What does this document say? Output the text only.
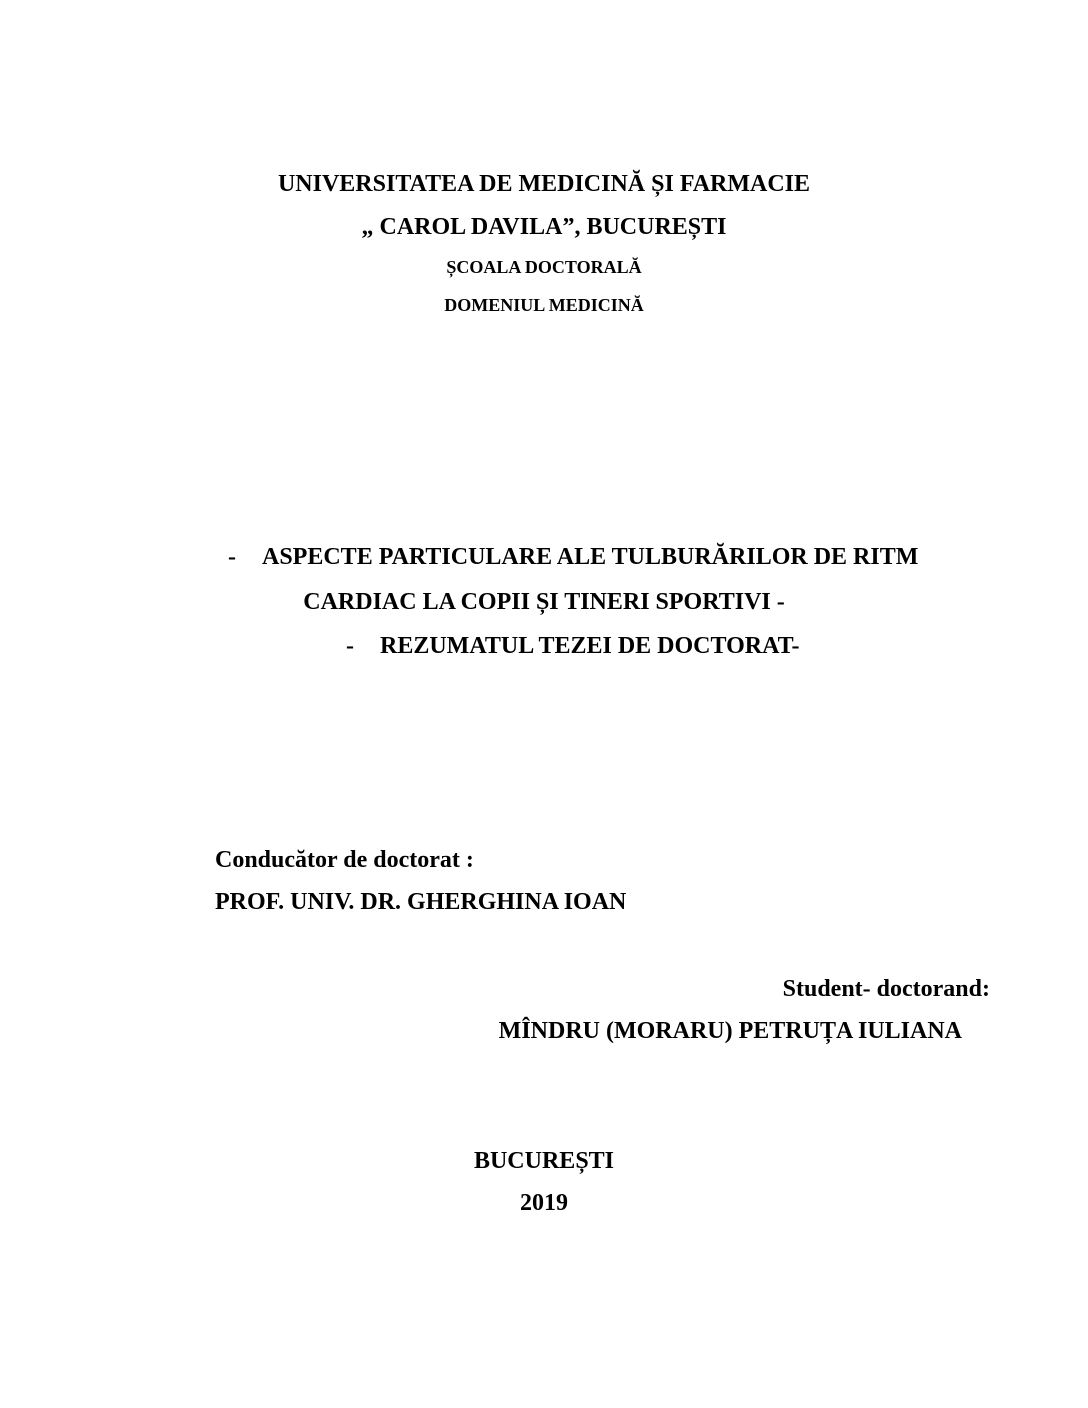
UNIVERSITATEA DE MEDICINĂ ȘI FARMACIE
„ CAROL DAVILA”, BUCUREȘTI
ȘCOALA DOCTORALĂ
DOMENIUL MEDICINĂ
- ASPECTE PARTICULARE ALE TULBURĂRILOR DE RITM
CARDIAC LA COPII ȘI TINERI SPORTIVI -
- REZUMATUL TEZEI DE DOCTORAT-
Conducător de doctorat :
PROF. UNIV. DR. GHERGHINA IOAN
Student- doctorand:
MÎNDRU (MORARU) PETRUȚA IULIANA
BUCUREȘTI
2019
